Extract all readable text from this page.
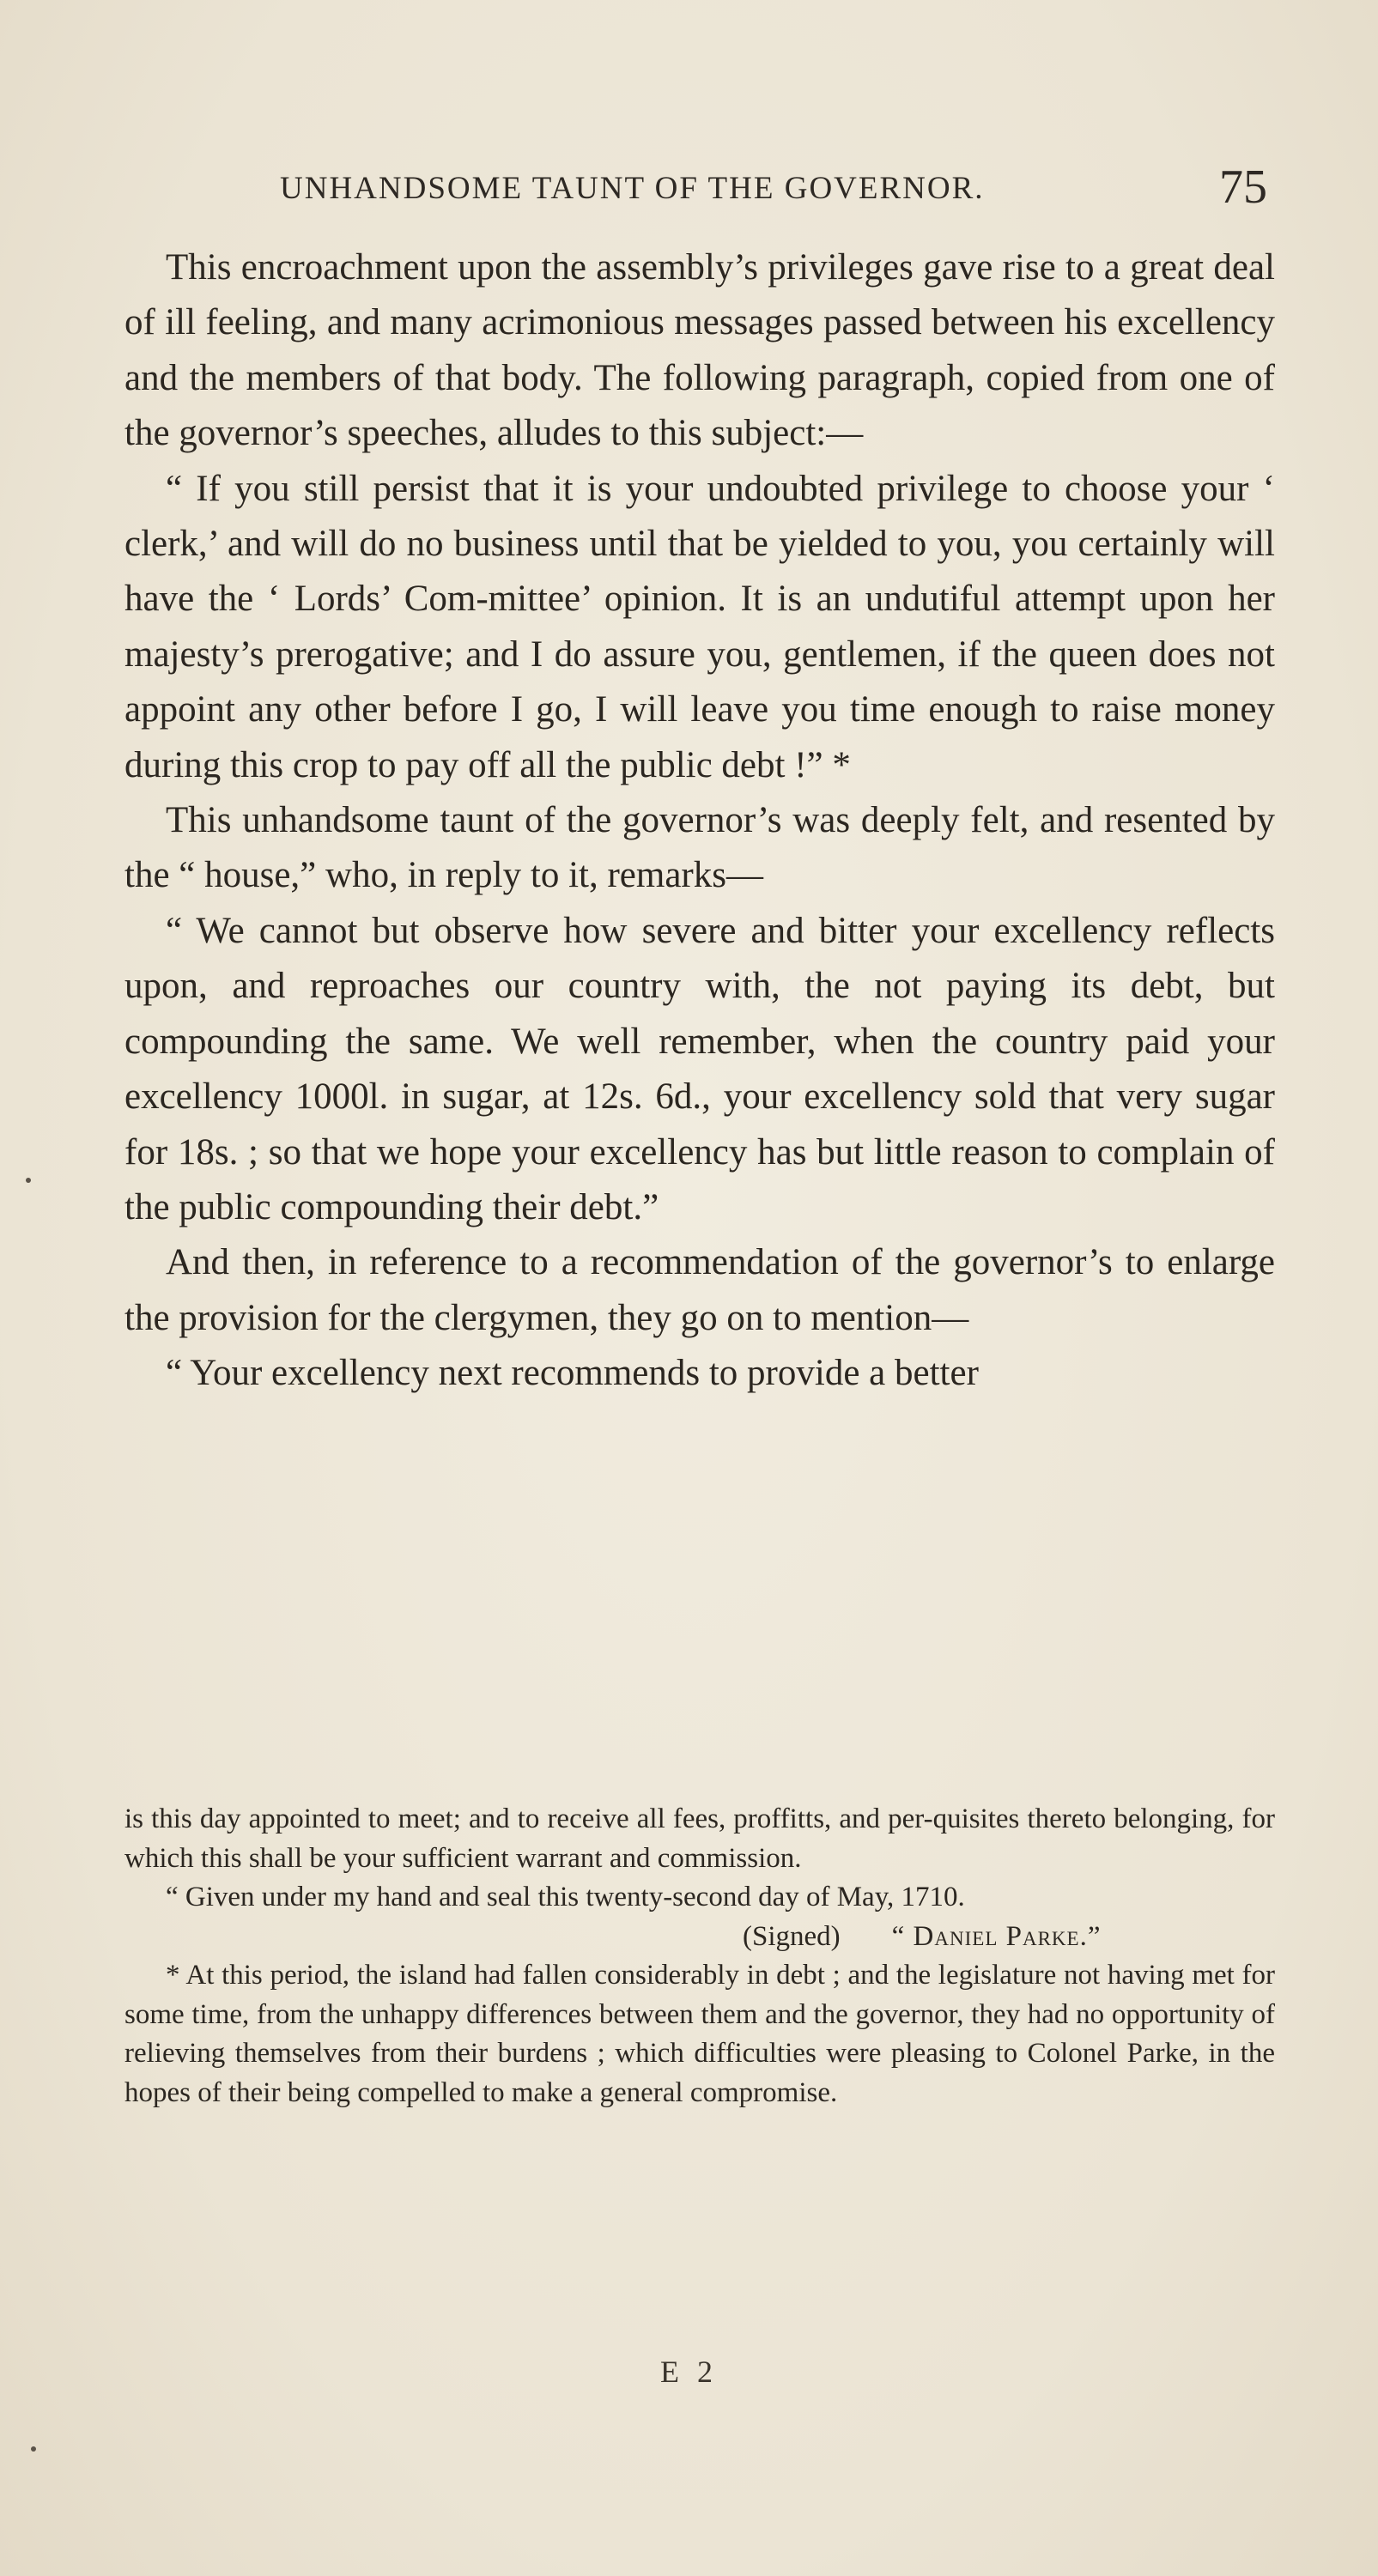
UNHANDSOME TAUNT OF THE GOVERNOR.	75

This encroachment upon the assembly’s privileges gave rise to a great deal of ill feeling, and many acrimonious messages passed between his excellency and the members of that body. The following paragraph, copied from one of the governor’s speeches, alludes to this subject:—

“ If you still persist that it is your undoubted privilege to choose your ‘ clerk,’ and will do no business until that be yielded to you, you certainly will have the ‘ Lords’ Com-mittee’ opinion. It is an undutiful attempt upon her majesty’s prerogative; and I do assure you, gentlemen, if the queen does not appoint any other before I go, I will leave you time enough to raise money during this crop to pay off all the public debt !” *

This unhandsome taunt of the governor’s was deeply felt, and resented by the “ house,” who, in reply to it, remarks—

“ We cannot but observe how severe and bitter your excellency reflects upon, and reproaches our country with, the not paying its debt, but compounding the same. We well remember, when the country paid your excellency 1000l. in sugar, at 12s. 6d., your excellency sold that very sugar for 18s. ; so that we hope your excellency has but little reason to complain of the public compounding their debt.”

And then, in reference to a recommendation of the governor’s to enlarge the provision for the clergymen, they go on to mention—

“ Your excellency next recommends to provide a better

is this day appointed to meet; and to receive all fees, proffitts, and per-quisites thereto belonging, for which this shall be your sufficient warrant and commission.

“ Given under my hand and seal this twenty-second day of May, 1710.

(Signed) “ Daniel Parke.”

* At this period, the island had fallen considerably in debt ; and the legislature not having met for some time, from the unhappy differences between them and the governor, they had no opportunity of relieving themselves from their burdens ; which difficulties were pleasing to Colonel Parke, in the hopes of their being compelled to make a general compromise.

E 2
